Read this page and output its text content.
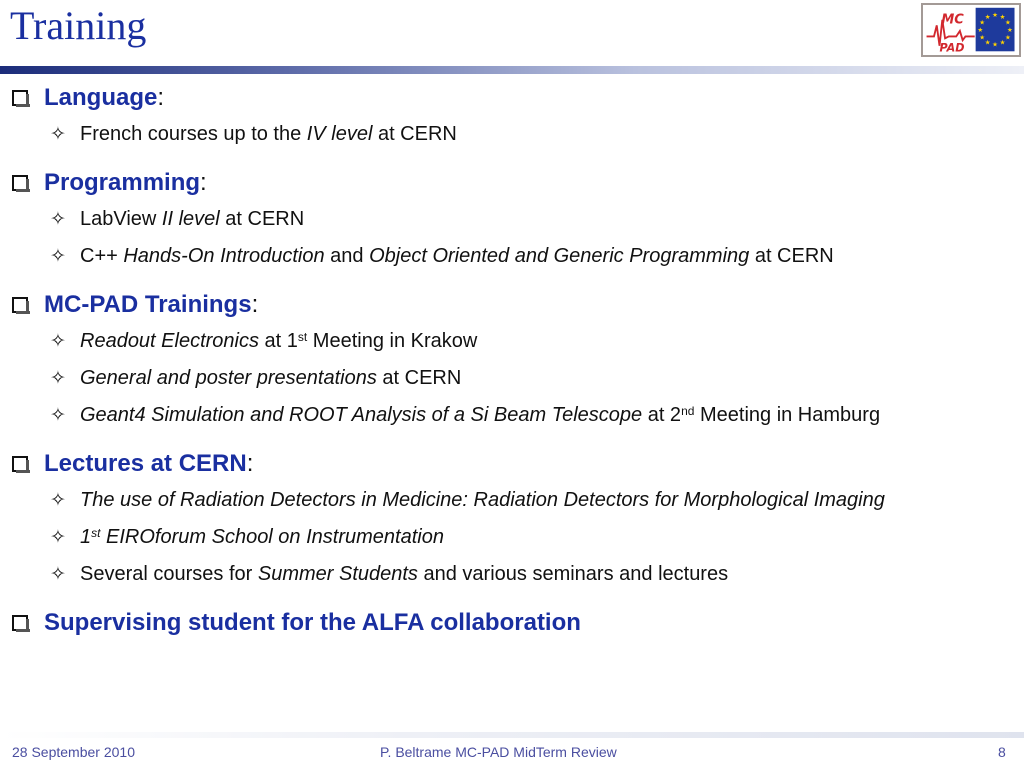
Training	★ ★
★
★
★
★
★
★
★
★
★
★
MC
PAD
Language:
✧ French courses up to the IV level at CERN
Programming:
✧ LabView II level at CERN
✧ C++ Hands-On Introduction and Object Oriented and Generic Programming at CERN
MC-PAD Trainings:
✧ Readout Electronics at 1st Meeting in Krakow
✧ General and poster presentations at CERN
✧ Geant4 Simulation and ROOT Analysis of a Si Beam Telescope at 2nd Meeting in Hamburg
Lectures at CERN:
✧ The use of Radiation Detectors in Medicine: Radiation Detectors for Morphological Imaging
✧ 1st EIROforum School on Instrumentation
✧ Several courses for Summer Students and various seminars and lectures
Supervising student for the ALFA collaboration
28 September 2010	P. Beltrame MC-PAD MidTerm Review	8
